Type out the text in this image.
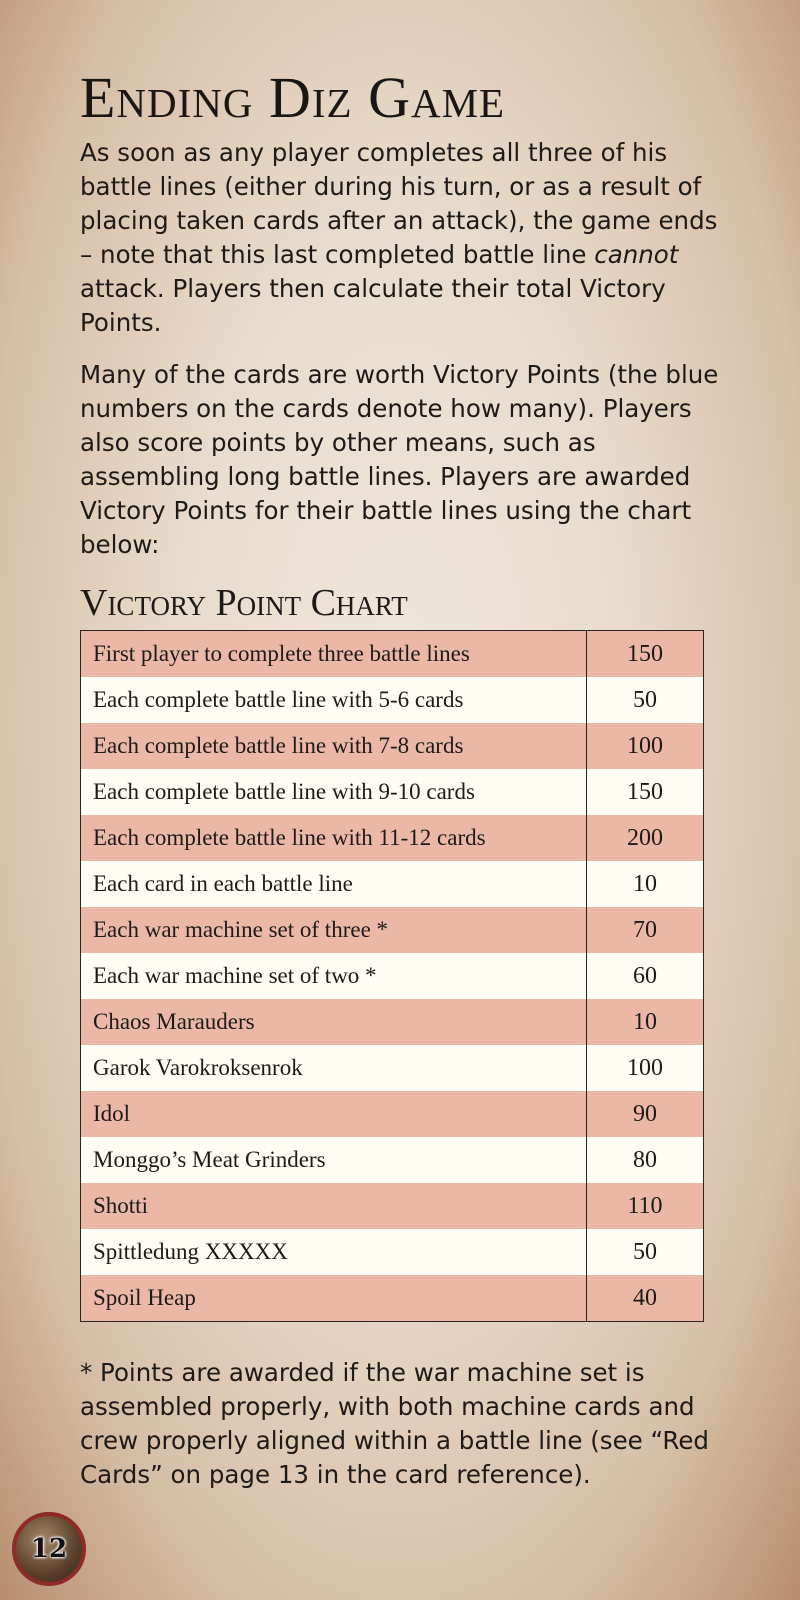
Ending Diz Game

As soon as any player completes all three of his battle lines (either during his turn, or as a result of placing taken cards after an attack), the game ends – note that this last completed battle line cannot attack. Players then calculate their total Victory Points.

Many of the cards are worth Victory Points (the blue numbers on the cards denote how many). Players also score points by other means, such as assembling long battle lines. Players are awarded Victory Points for their battle lines using the chart below:

Victory Point Chart
First player to complete three battle lines	150
Each complete battle line with 5-6 cards	50
Each complete battle line with 7-8 cards	100
Each complete battle line with 9-10 cards	150
Each complete battle line with 11-12 cards	200
Each card in each battle line	10
Each war machine set of three *	70
Each war machine set of two *	60
Chaos Marauders	10
Garok Varokroksenrok	100
Idol	90
Monggo’s Meat Grinders	80
Shotti	110
Spittledung XXXXX	50
Spoil Heap	40

* Points are awarded if the war machine set is assembled properly, with both machine cards and crew properly aligned within a battle line (see “Red Cards” on page 13 in the card reference).

12
